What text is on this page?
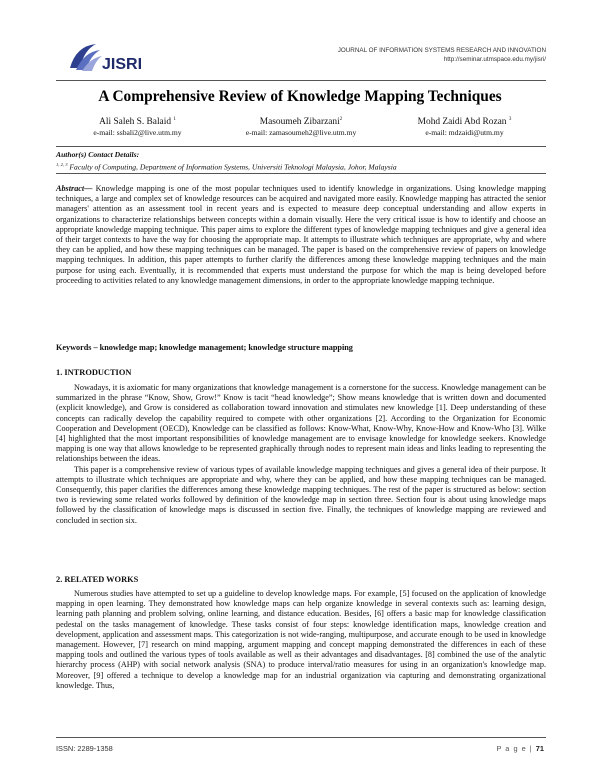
JISRI
JOURNAL OF INFORMATION SYSTEMS RESEARCH AND INNOVATION
http://seminar.utmspace.edu.my/jisri/
A Comprehensive Review of Knowledge Mapping Techniques
Ali Saleh S. Balaid $^1$
e-mail: ssbali2@live.utm.my
Masoumeh Zibarzani$^2$
e-mail: zamasoumeh2@live.utm.my
Mohd Zaidi Abd Rozan $^3$
e-mail: mdzaidi@utm.my
Author(s) Contact Details:
$^{1, 2, 3}$ Faculty of Computing, Department of Information Systems, Universiti Teknologi Malaysia, Johor, Malaysia
Abstract— Knowledge mapping is one of the most popular techniques used to identify knowledge in organizations. Using knowledge mapping techniques, a large and complex set of knowledge resources can be acquired and navigated more easily. Knowledge mapping has attracted the senior managers' attention as an assessment tool in recent years and is expected to measure deep conceptual understanding and allow experts in organizations to characterize relationships between concepts within a domain visually. Here the very critical issue is how to identify and choose an appropriate knowledge mapping technique. This paper aims to explore the different types of knowledge mapping techniques and give a general idea of their target contexts to have the way for choosing the appropriate map. It attempts to illustrate which techniques are appropriate, why and where they can be applied, and how these mapping techniques can be managed. The paper is based on the comprehensive review of papers on knowledge mapping techniques. In addition, this paper attempts to further clarify the differences among these knowledge mapping techniques and the main purpose for using each. Eventually, it is recommended that experts must understand the purpose for which the map is being developed before proceeding to activities related to any knowledge management dimensions, in order to the appropriate knowledge mapping technique.
Keywords – knowledge map; knowledge management; knowledge structure mapping
1. INTRODUCTION

Nowadays, it is axiomatic for many organizations that knowledge management is a cornerstone for the success. Knowledge management can be summarized in the phrase “Know, Show, Grow!” Know is tacit “head knowledge”; Show means knowledge that is written down and documented (explicit knowledge), and Grow is considered as collaboration toward innovation and stimulates new knowledge [1]. Deep understanding of these concepts can radically develop the capability required to compete with other organizations [2]. According to the Organization for Economic Cooperation and Development (OECD), Knowledge can be classified as follows: Know-What, Know-Why, Know-How and Know-Who [3]. Wilke [4] highlighted that the most important responsibilities of knowledge management are to envisage knowledge for knowledge seekers. Knowledge mapping is one way that allows knowledge to be represented graphically through nodes to represent main ideas and links leading to representing the relationships between the ideas.

This paper is a comprehensive review of various types of available knowledge mapping techniques and gives a general idea of their purpose. It attempts to illustrate which techniques are appropriate and why, where they can be applied, and how these mapping techniques can be managed. Consequently, this paper clarifies the differences among these knowledge mapping techniques. The rest of the paper is structured as below: section two is reviewing some related works followed by definition of the knowledge map in section three. Section four is about using knowledge maps followed by the classification of knowledge maps is discussed in section five. Finally, the techniques of knowledge mapping are reviewed and concluded in section six.

2. RELATED WORKS

Numerous studies have attempted to set up a guideline to develop knowledge maps. For example, [5] focused on the application of knowledge mapping in open learning. They demonstrated how knowledge maps can help organize knowledge in several contexts such as: learning design, learning path planning and problem solving, online learning, and distance education. Besides, [6] offers a basic map for knowledge classification pedestal on the tasks management of knowledge. These tasks consist of four steps: knowledge identification maps, knowledge creation and development, application and assessment maps. This categorization is not wide-ranging, multipurpose, and accurate enough to be used in knowledge management. However, [7] research on mind mapping, argument mapping and concept mapping demonstrated the differences in each of these mapping tools and outlined the various types of tools available as well as their advantages and disadvantages. [8] combined the use of the analytic hierarchy process (AHP) with social network analysis (SNA) to produce interval/ratio measures for using in an organization's knowledge map. Moreover, [9] offered a technique to develop a knowledge map for an industrial organization via capturing and demonstrating organizational knowledge. Thus,

ISSN: 2289-1358	P a g e | 71
